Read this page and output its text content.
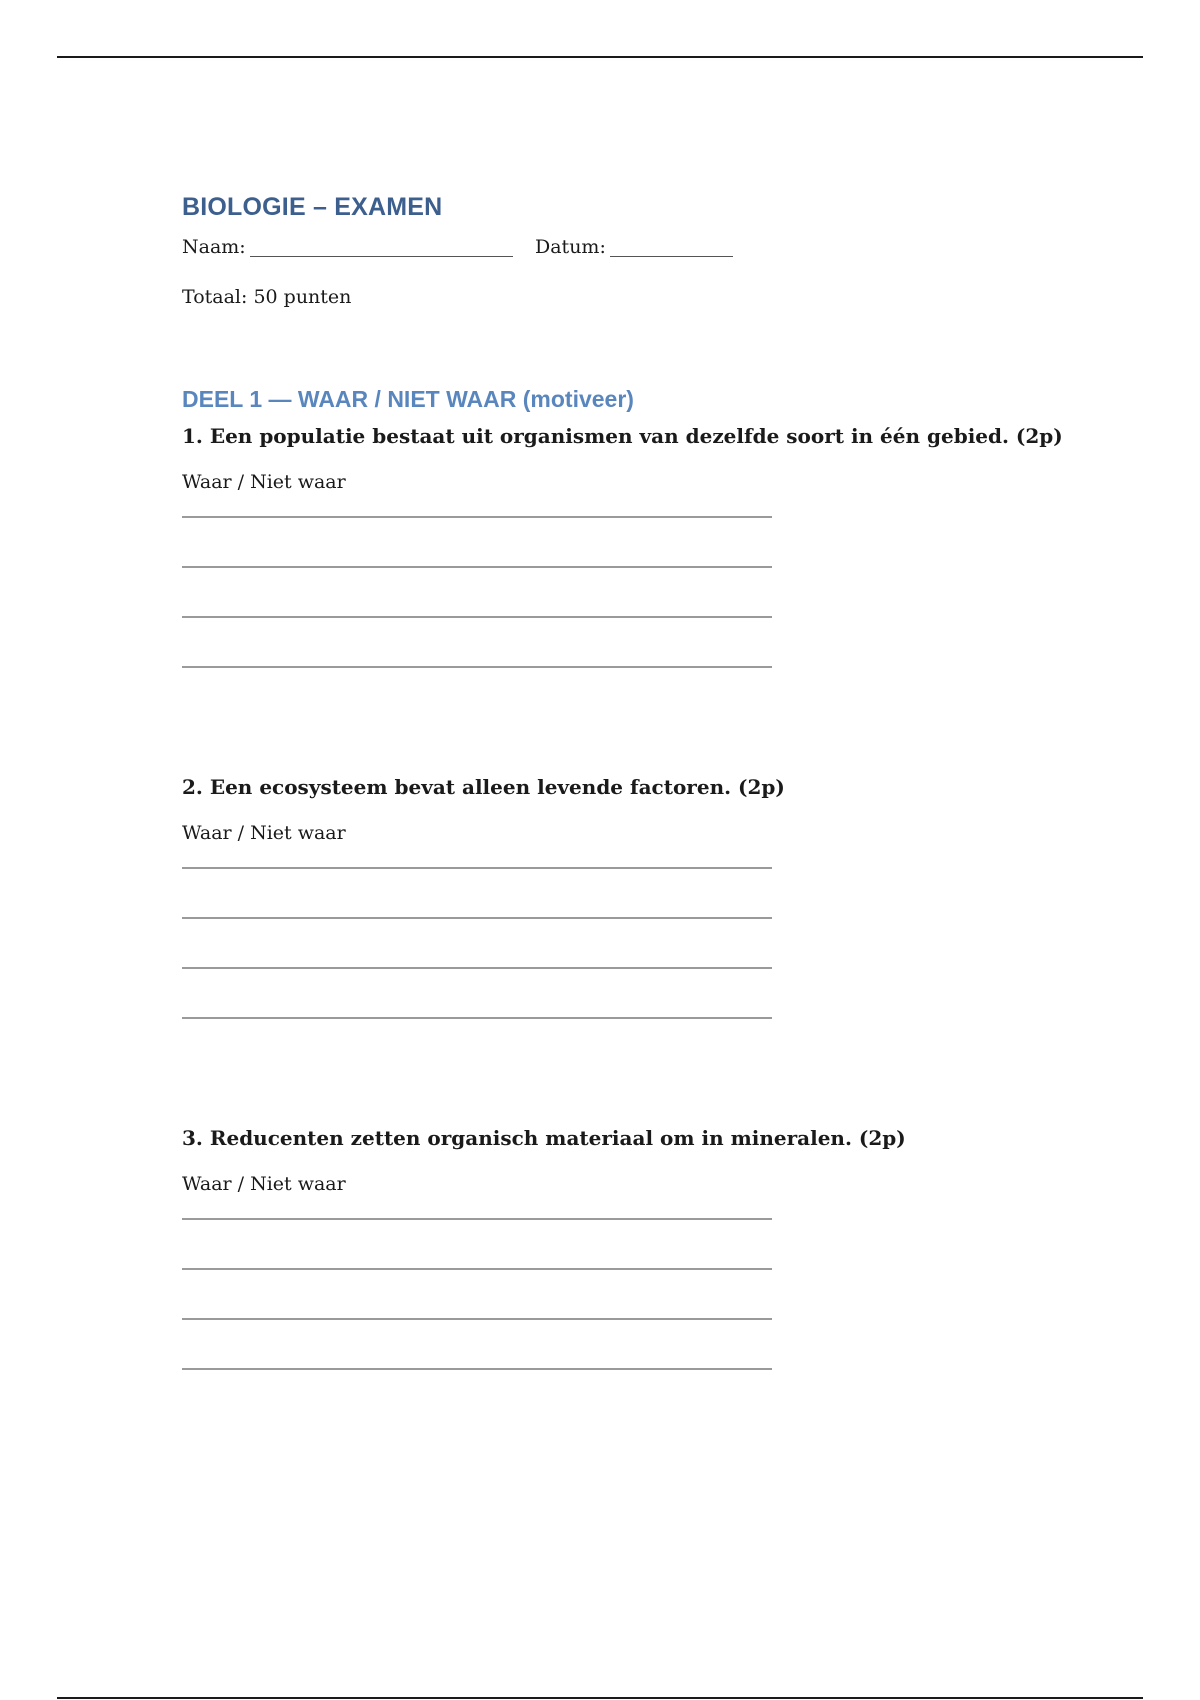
BIOLOGIE – EXAMEN
Naam:	Datum:
Totaal: 50 punten
DEEL 1 — WAAR / NIET WAAR (motiveer)

1. Een populatie bestaat uit organismen van dezelfde soort in één gebied. (2p)

Waar / Niet waar

2. Een ecosysteem bevat alleen levende factoren. (2p)

Waar / Niet waar

3. Reducenten zetten organisch materiaal om in mineralen. (2p)

Waar / Niet waar
